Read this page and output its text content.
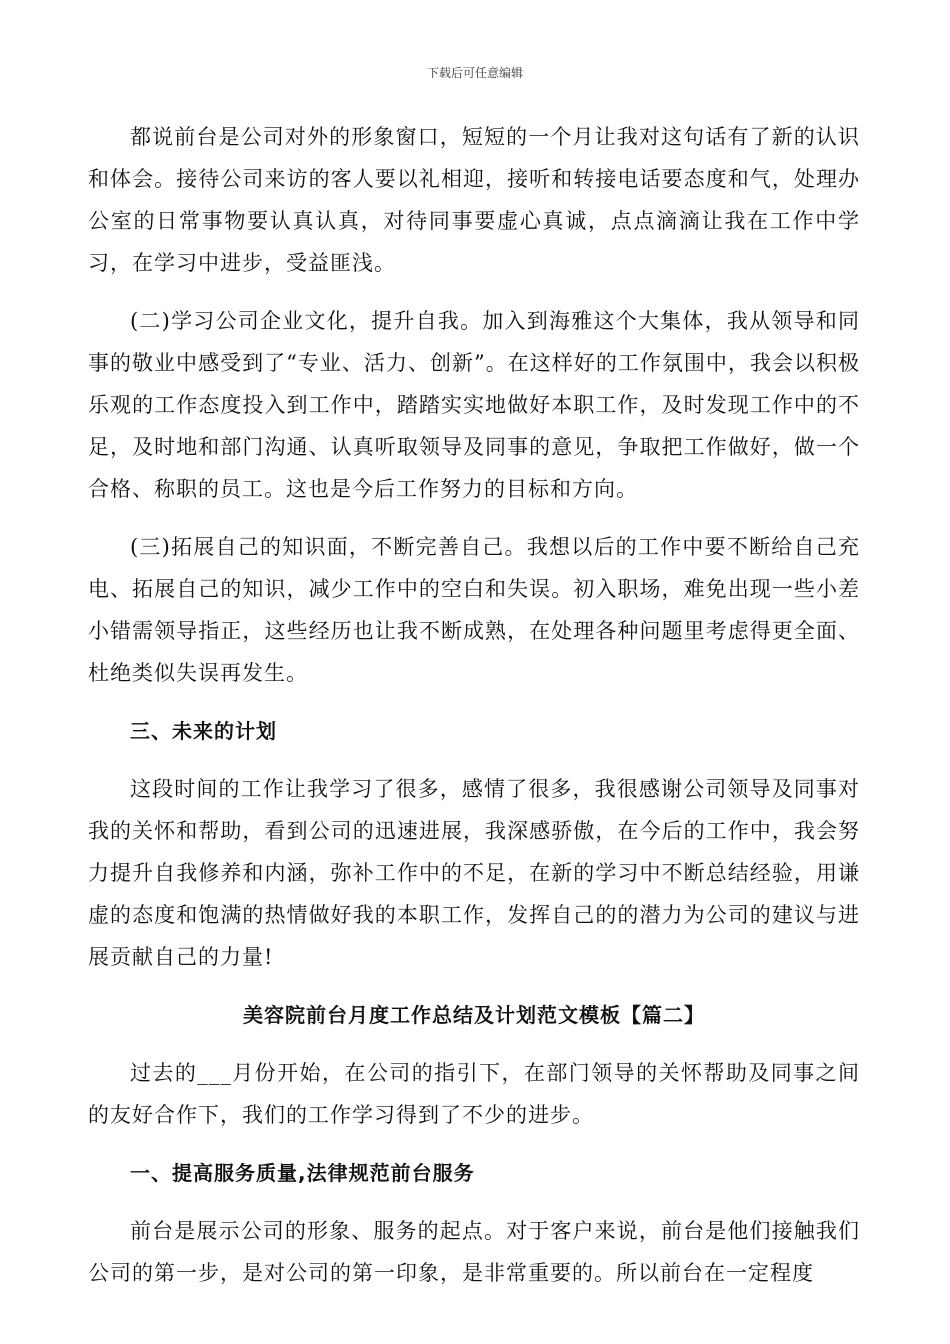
下载后可任意编辑

都说前台是公司对外的形象窗口，短短的一个月让我对这句话有了新的认识和体会。接待公司来访的客人要以礼相迎，接听和转接电话要态度和气，处理办公室的日常事物要认真认真，对待同事要虚心真诚，点点滴滴让我在工作中学习，在学习中进步，受益匪浅。

(二)学习公司企业文化，提升自我。加入到海雅这个大集体，我从领导和同事的敬业中感受到了“专业、活力、创新”。在这样好的工作氛围中，我会以积极乐观的工作态度投入到工作中，踏踏实实地做好本职工作，及时发现工作中的不足，及时地和部门沟通、认真听取领导及同事的意见，争取把工作做好，做一个合格、称职的员工。这也是今后工作努力的目标和方向。

(三)拓展自己的知识面，不断完善自己。我想以后的工作中要不断给自己充电、拓展自己的知识，减少工作中的空白和失误。初入职场，难免出现一些小差小错需领导指正，这些经历也让我不断成熟，在处理各种问题里考虑得更全面、杜绝类似失误再发生。

三、未来的计划

这段时间的工作让我学习了很多，感情了很多，我很感谢公司领导及同事对我的关怀和帮助，看到公司的迅速进展，我深感骄傲，在今后的工作中，我会努力提升自我修养和内涵，弥补工作中的不足，在新的学习中不断总结经验，用谦虚的态度和饱满的热情做好我的本职工作，发挥自己的的潜力为公司的建议与进展贡献自己的力量!

美容院前台月度工作总结及计划范文模板【篇二】

过去的___月份开始，在公司的指引下，在部门领导的关怀帮助及同事之间的友好合作下，我们的工作学习得到了不少的进步。

一、提高服务质量,法律规范前台服务

前台是展示公司的形象、服务的起点。对于客户来说，前台是他们接触我们公司的第一步，是对公司的第一印象，是非常重要的。所以前台在一定程度
